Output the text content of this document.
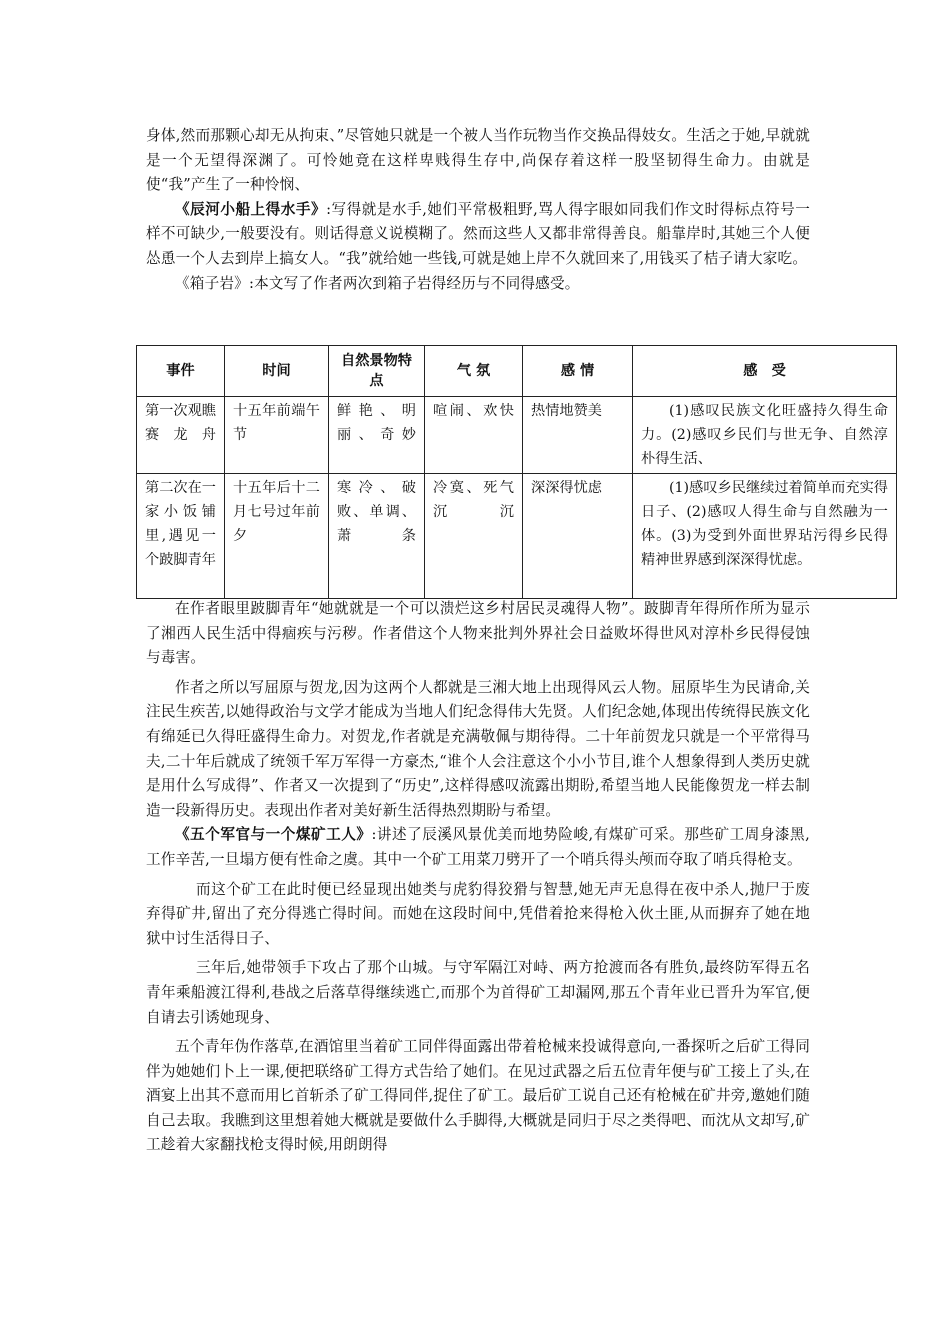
身体,然而那颗心却无从拘束、”尽管她只就是一个被人当作玩物当作交换品得妓女。生活之于她,早就就是一个无望得深渊了。可怜她竟在这样卑贱得生存中,尚保存着这样一股坚韧得生命力。由就是使“我”产生了一种怜悯、

《辰河小船上得水手》:写得就是水手,她们平常极粗野,骂人得字眼如同我们作文时得标点符号一样不可缺少,一般要没有。则话得意义说模糊了。然而这些人又都非常得善良。船靠岸时,其她三个人便怂恿一个人去到岸上搞女人。“我”就给她一些钱,可就是她上岸不久就回来了,用钱买了桔子请大家吃。

《箱子岩》:本文写了作者两次到箱子岩得经历与不同得感受。

事件	时间	自然景物特点	气 氛	感 情	感　受
第一次观瞧赛龙舟	十五年前端午节	鲜艳、明丽、奇妙	喧闹、欢快	热情地赞美	(1)感叹民族文化旺盛持久得生命力。(2)感叹乡民们与世无争、自然淳朴得生活、
第二次在一家小饭铺里,遇见一个跛脚青年	十五年后十二月七号过年前夕	寒冷、破败、单调、萧条	冷寞、死气沉沉	深深得忧虑	(1)感叹乡民继续过着简单而充实得日子、(2)感叹人得生命与自然融为一体。(3)为受到外面世界玷污得乡民得精神世界感到深深得忧虑。

在作者眼里跛脚青年“她就就是一个可以溃烂这乡村居民灵魂得人物”。跛脚青年得所作所为显示了湘西人民生活中得痼疾与污秽。作者借这个人物来批判外界社会日益败坏得世风对淳朴乡民得侵蚀与毒害。

作者之所以写屈原与贺龙,因为这两个人都就是三湘大地上出现得风云人物。屈原毕生为民请命,关注民生疾苦,以她得政治与文学才能成为当地人们纪念得伟大先贤。人们纪念她,体现出传统得民族文化有绵延已久得旺盛得生命力。对贺龙,作者就是充满敬佩与期待得。二十年前贺龙只就是一个平常得马夫,二十年后就成了统领千军万军得一方豪杰,“谁个人会注意这个小小节目,谁个人想象得到人类历史就是用什么写成得”、作者又一次提到了“历史”,这样得感叹流露出期盼,希望当地人民能像贺龙一样去制造一段新得历史。表现出作者对美好新生活得热烈期盼与希望。

《五个军官与一个煤矿工人》:讲述了辰溪风景优美而地势险峻,有煤矿可采。那些矿工周身漆黑,工作辛苦,一旦塌方便有性命之虞。其中一个矿工用菜刀劈开了一个哨兵得头颅而夺取了哨兵得枪支。

而这个矿工在此时便已经显现出她类与虎豹得狡猾与智慧,她无声无息得在夜中杀人,抛尸于废弃得矿井,留出了充分得逃亡得时间。而她在这段时间中,凭借着抢来得枪入伙土匪,从而摒弃了她在地狱中讨生活得日子、

三年后,她带领手下攻占了那个山城。与守军隔江对峙、两方抢渡而各有胜负,最终防军得五名青年乘船渡江得利,巷战之后落草得继续逃亡,而那个为首得矿工却漏网,那五个青年业已晋升为军官,便自请去引诱她现身、

五个青年伪作落草,在酒馆里当着矿工同伴得面露出带着枪械来投诚得意向,一番探听之后矿工得同伴为她她们卜上一课,便把联络矿工得方式告给了她们。在见过武器之后五位青年便与矿工接上了头,在酒宴上出其不意而用匕首斩杀了矿工得同伴,捉住了矿工。最后矿工说自己还有枪械在矿井旁,邀她们随自己去取。我瞧到这里想着她大概就是要做什么手脚得,大概就是同归于尽之类得吧、而沈从文却写,矿工趁着大家翻找枪支得时候,用朗朗得
